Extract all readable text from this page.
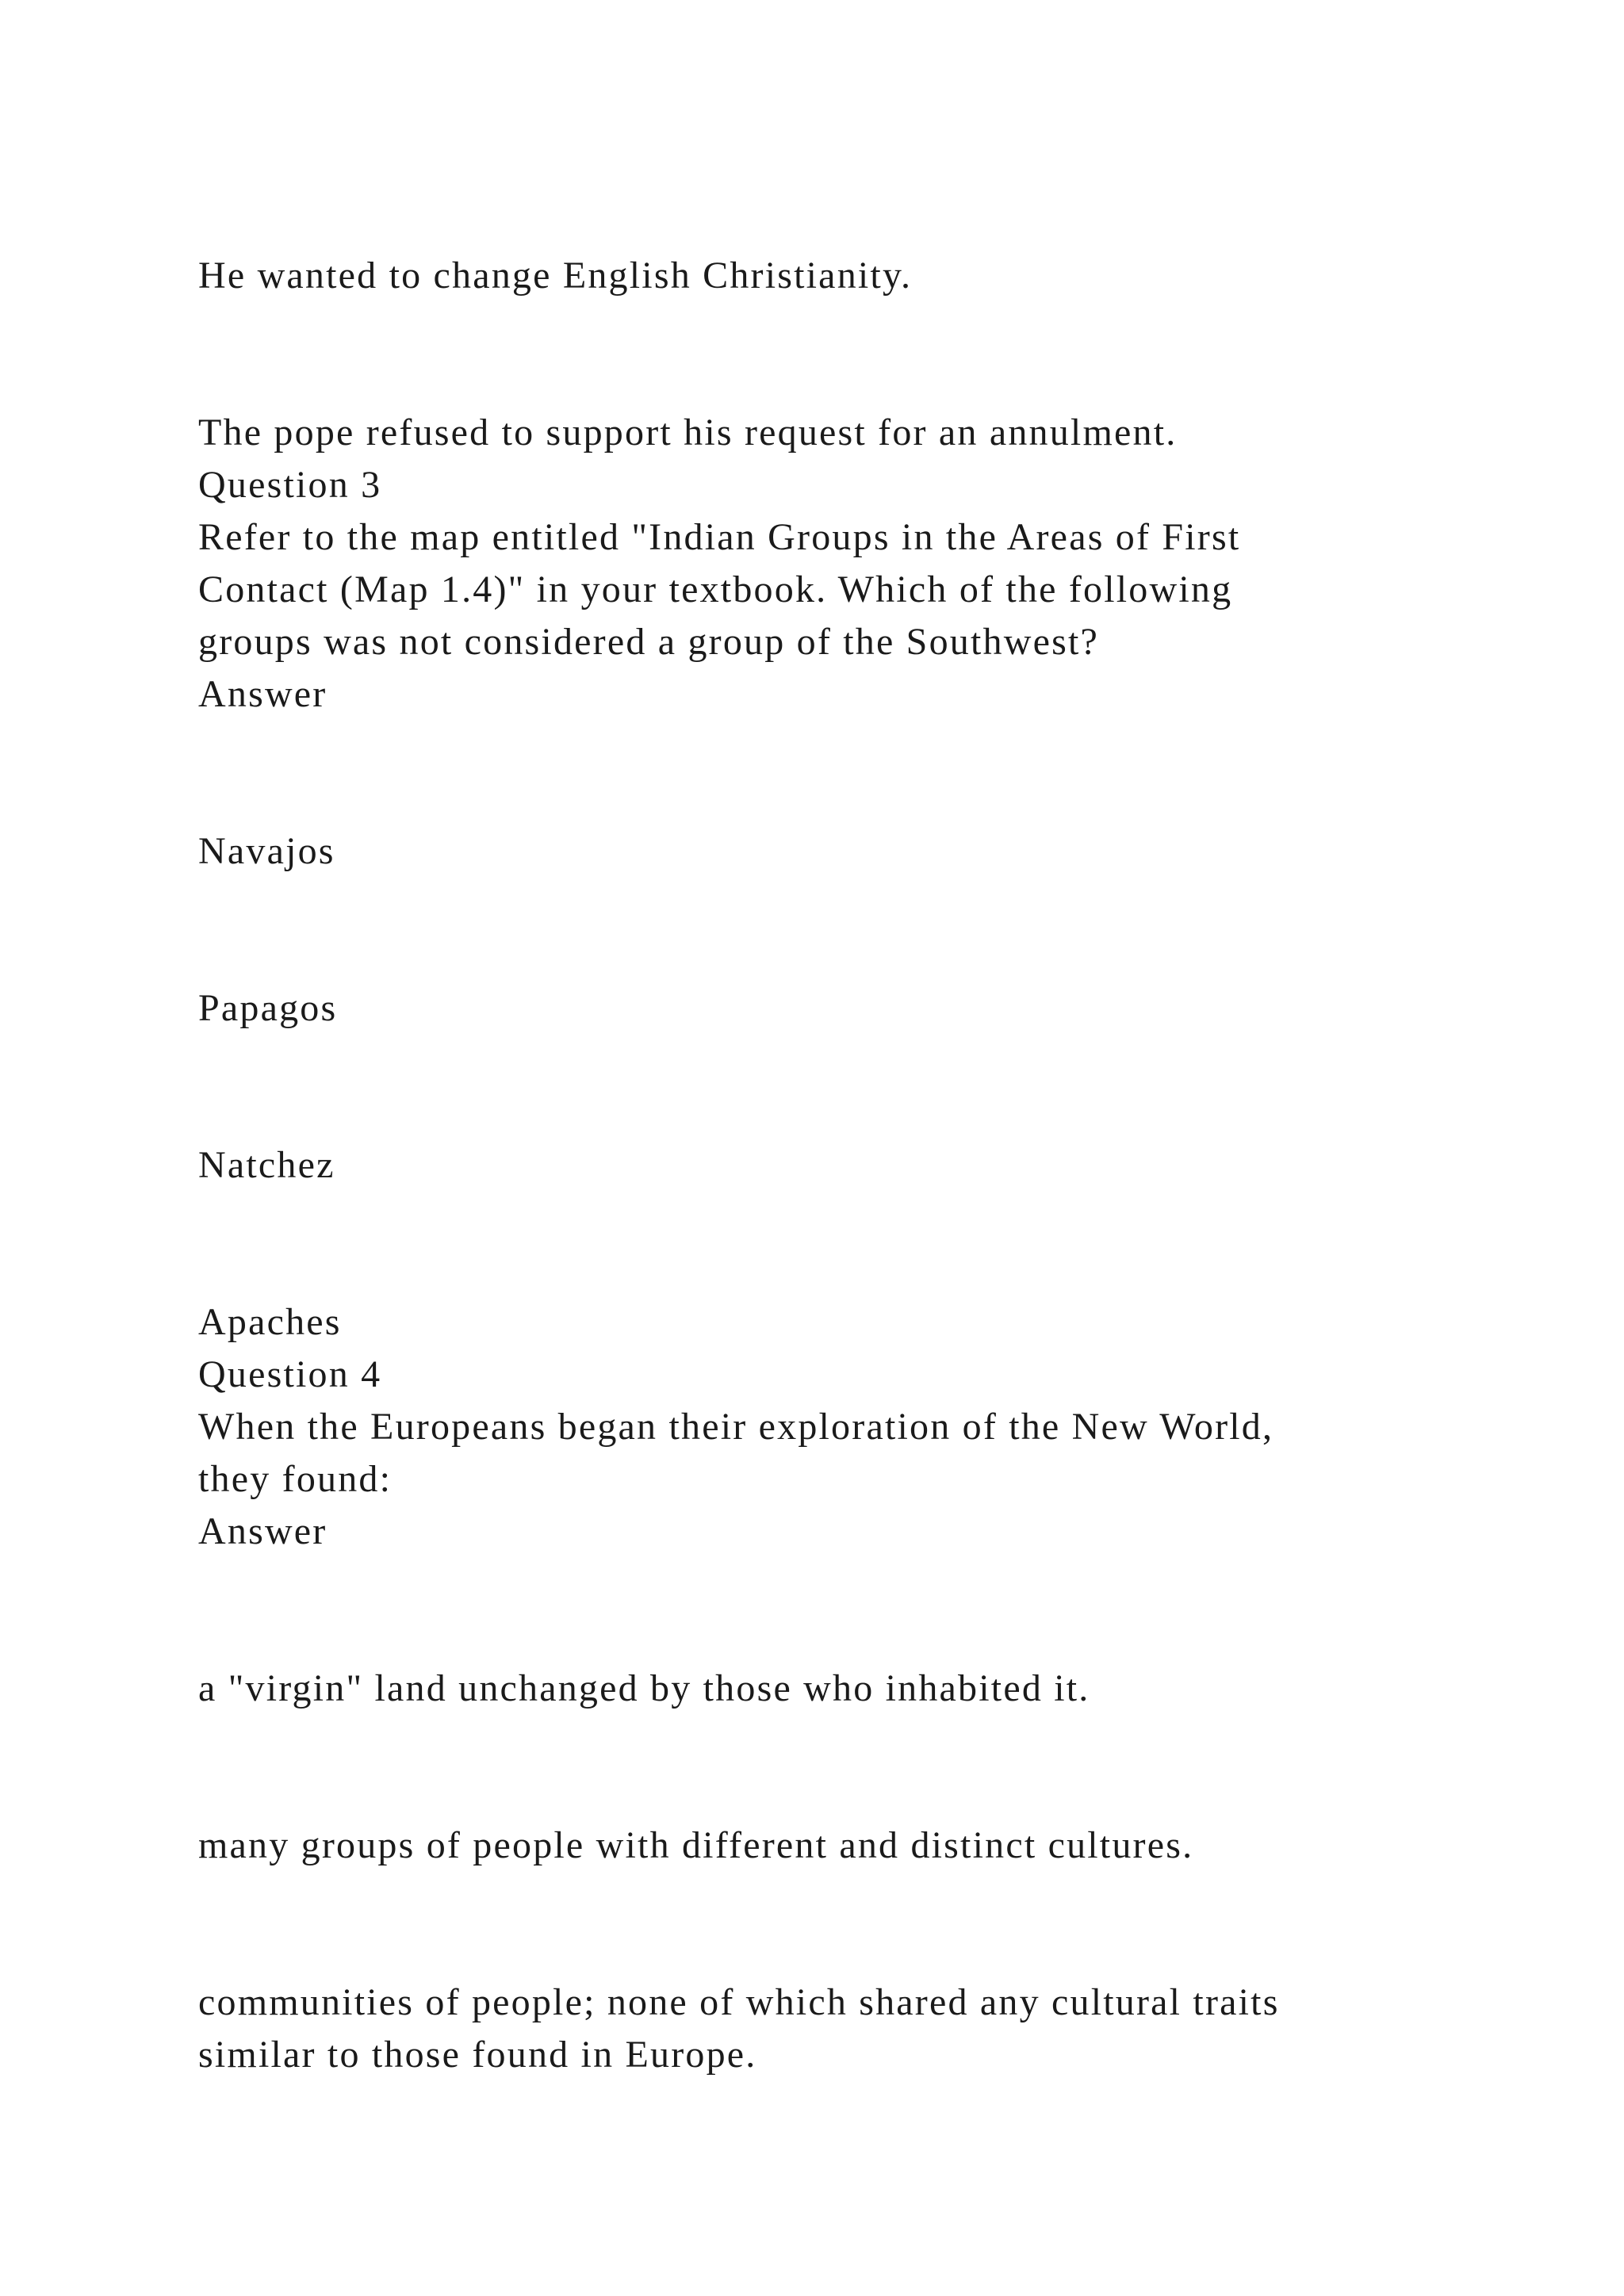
He wanted to change English Christianity.

The pope refused to support his request for an annulment.

Question 3

Refer to the map entitled "Indian Groups in the Areas of First

Contact (Map 1.4)" in your textbook. Which of the following

groups was not considered a group of the Southwest?

Answer

Navajos

Papagos

Natchez

Apaches

Question 4

When the Europeans began their exploration of the New World,

they found:

Answer

a "virgin" land unchanged by those who inhabited it.

many groups of people with different and distinct cultures.

communities of people; none of which shared any cultural traits

similar to those found in Europe.
